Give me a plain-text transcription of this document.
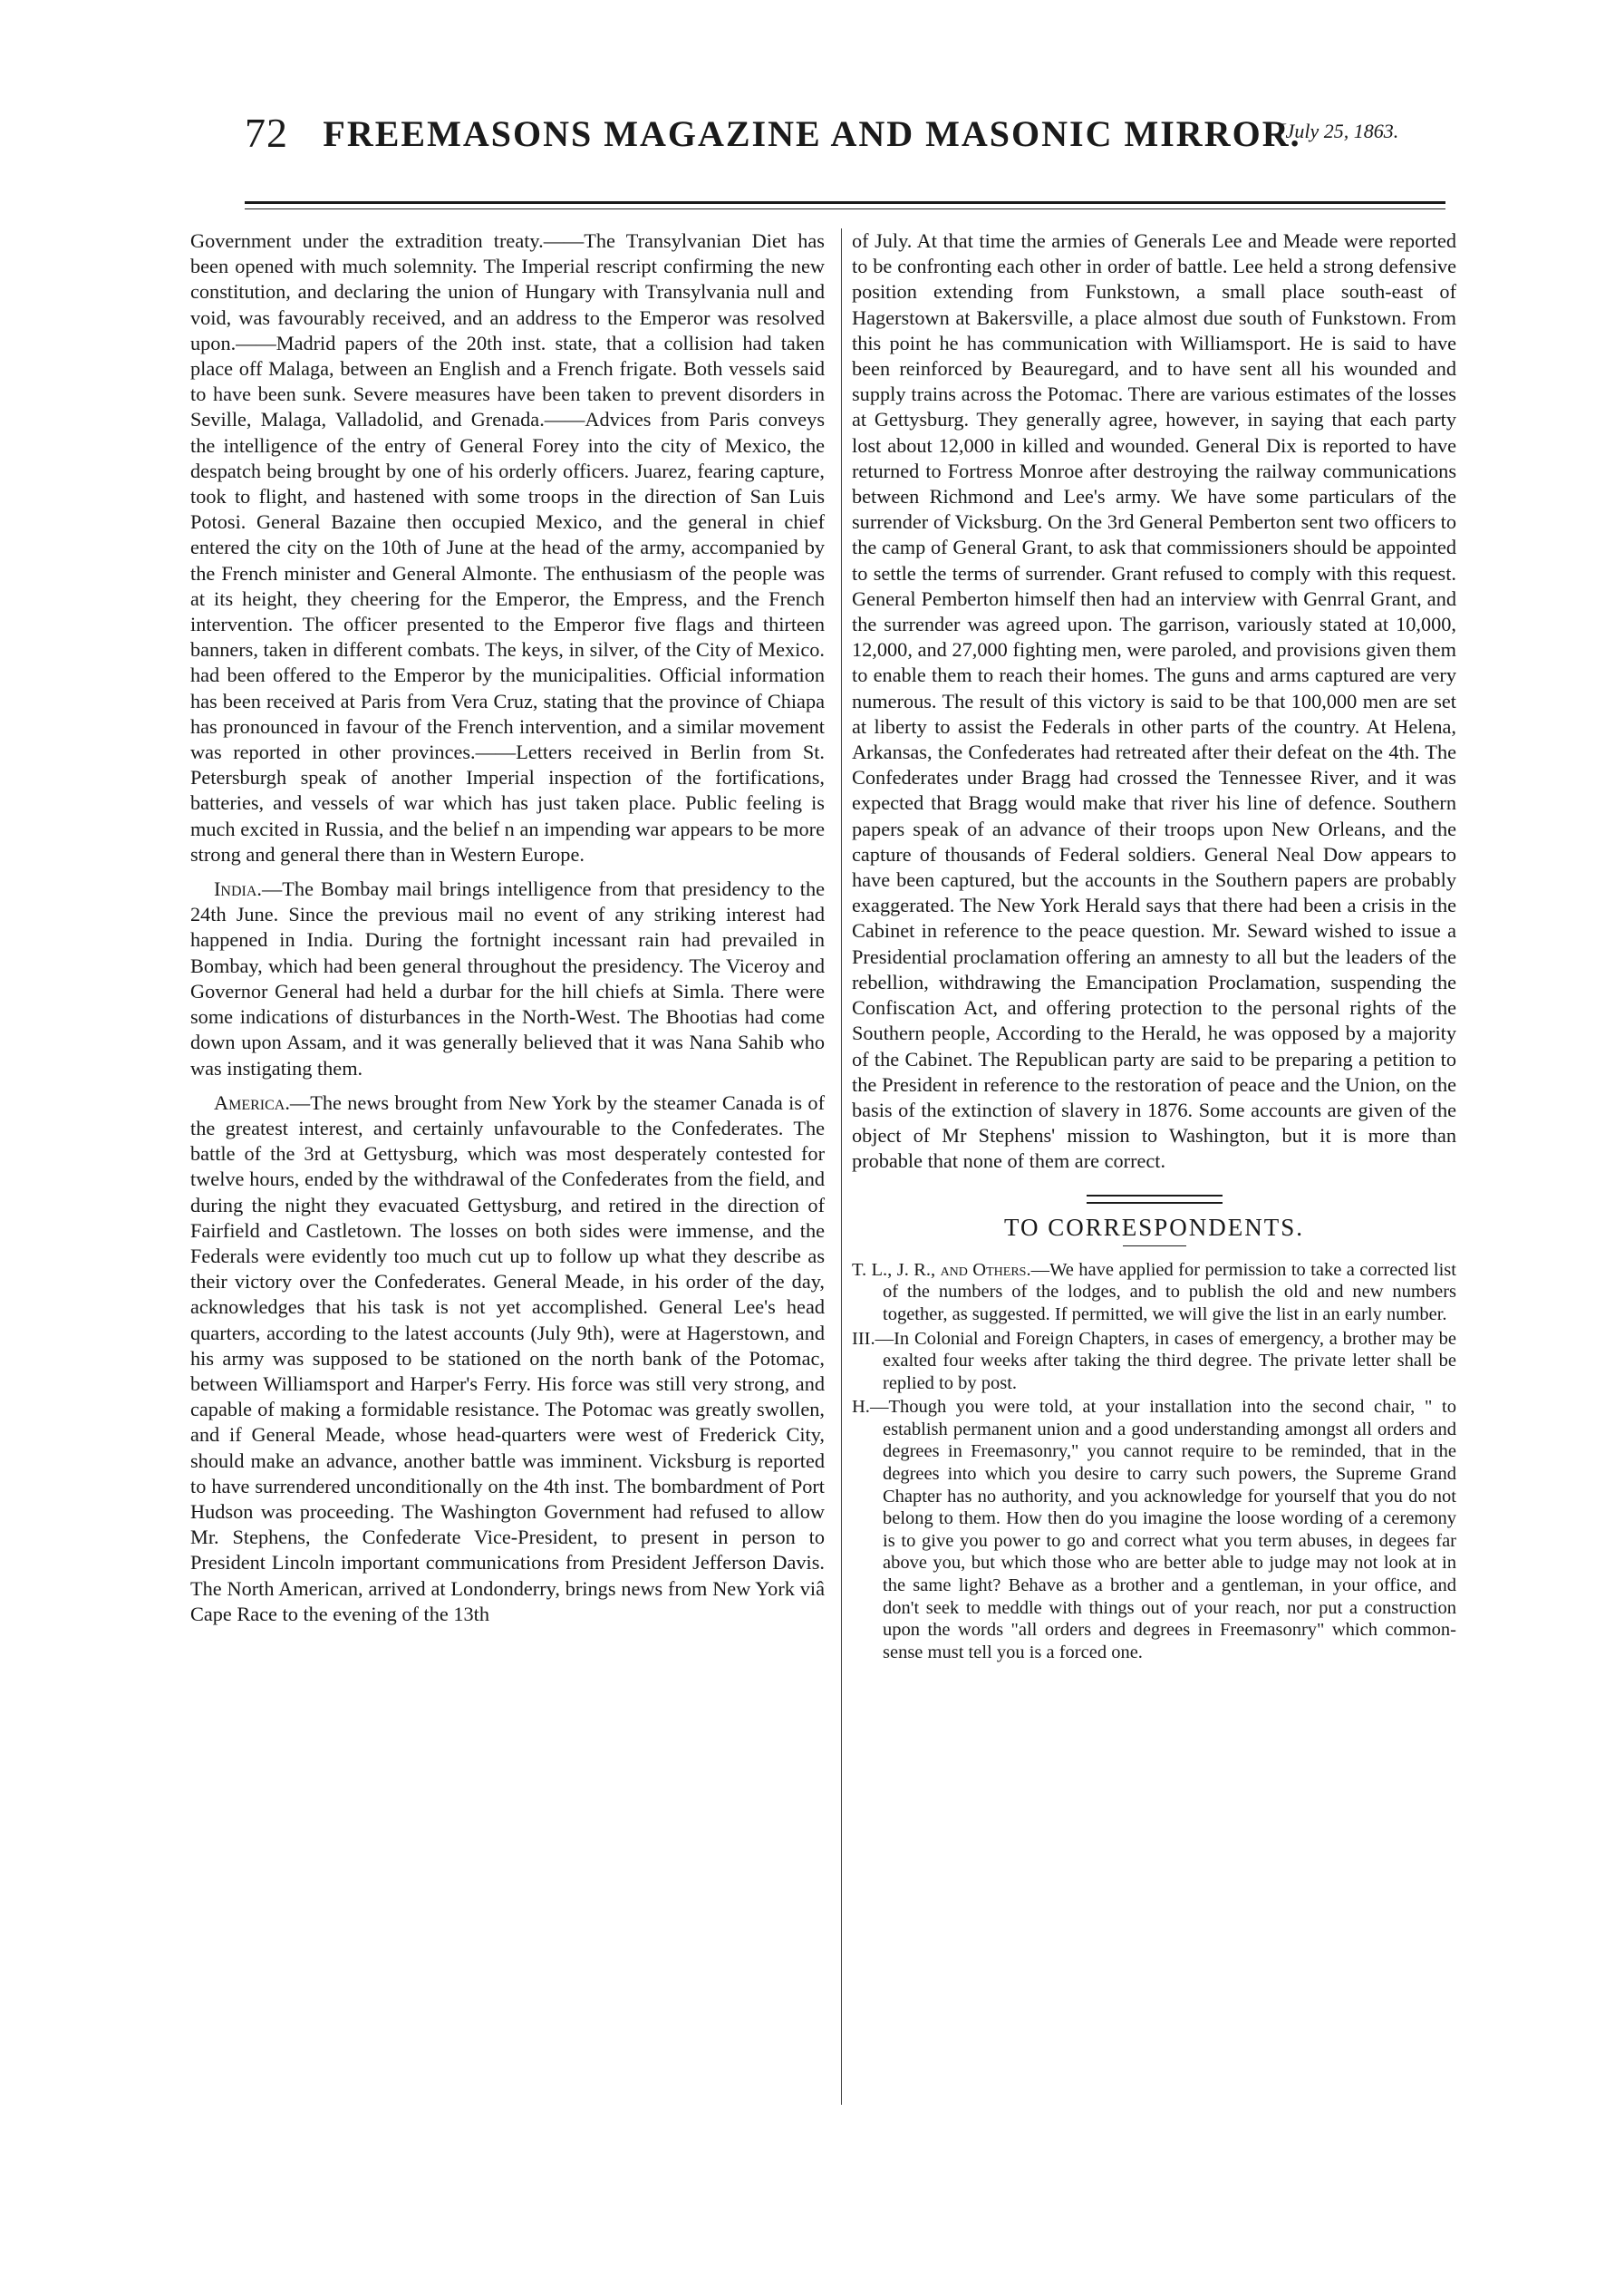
72 FREEMASONS MAGAZINE AND MASONIC MIRROR.
[July 25, 1863.

Government under the extradition treaty.——The Transylvanian Diet has been opened with much solemnity. The Imperial rescript confirming the new constitution, and declaring the union of Hungary with Transylvania null and void, was favourably received, and an address to the Emperor was resolved upon.——Madrid papers of the 20th inst. state, that a collision had taken place off Malaga, between an English and a French frigate. Both vessels said to have been sunk. Severe measures have been taken to prevent disorders in Seville, Malaga, Valladolid, and Grenada.——Advices from Paris conveys the intelligence of the entry of General Forey into the city of Mexico, the despatch being brought by one of his orderly officers. Juarez, fearing capture, took to flight, and hastened with some troops in the direction of San Luis Potosi. General Bazaine then occupied Mexico, and the general in chief entered the city on the 10th of June at the head of the army, accompanied by the French minister and General Almonte. The enthusiasm of the people was at its height, they cheering for the Emperor, the Empress, and the French intervention. The officer presented to the Emperor five flags and thirteen banners, taken in different combats. The keys, in silver, of the City of Mexico. had been offered to the Emperor by the municipalities. Official information has been received at Paris from Vera Cruz, stating that the province of Chiapa has pronounced in favour of the French intervention, and a similar movement was reported in other provinces.——Letters received in Berlin from St. Petersburgh speak of another Imperial inspection of the fortifications, batteries, and vessels of war which has just taken place. Public feeling is much excited in Russia, and the belief n an impending war appears to be more strong and general there than in Western Europe.

India.—The Bombay mail brings intelligence from that presidency to the 24th June. Since the previous mail no event of any striking interest had happened in India. During the fortnight incessant rain had prevailed in Bombay, which had been general throughout the presidency. The Viceroy and Governor General had held a durbar for the hill chiefs at Simla. There were some indications of disturbances in the North-West. The Bhootias had come down upon Assam, and it was generally believed that it was Nana Sahib who was instigating them.

America.—The news brought from New York by the steamer Canada is of the greatest interest, and certainly unfavourable to the Confederates. The battle of the 3rd at Gettysburg, which was most desperately contested for twelve hours, ended by the withdrawal of the Confederates from the field, and during the night they evacuated Gettysburg, and retired in the direction of Fairfield and Castletown. The losses on both sides were immense, and the Federals were evidently too much cut up to follow up what they describe as their victory over the Confederates. General Meade, in his order of the day, acknowledges that his task is not yet accomplished. General Lee's head quarters, according to the latest accounts (July 9th), were at Hagerstown, and his army was supposed to be stationed on the north bank of the Potomac, between Williamsport and Harper's Ferry. His force was still very strong, and capable of making a formidable resistance. The Potomac was greatly swollen, and if General Meade, whose head-quarters were west of Frederick City, should make an advance, another battle was imminent. Vicksburg is reported to have surrendered unconditionally on the 4th inst. The bombardment of Port Hudson was proceeding. The Washington Government had refused to allow Mr. Stephens, the Confederate Vice-President, to present in person to President Lincoln important communications from President Jefferson Davis. The North American, arrived at Londonderry, brings news from New York viâ Cape Race to the evening of the 13th

of July. At that time the armies of Generals Lee and Meade were reported to be confronting each other in order of battle. Lee held a strong defensive position extending from Funkstown, a small place south-east of Hagerstown at Bakersville, a place almost due south of Funkstown. From this point he has communication with Williamsport. He is said to have been reinforced by Beauregard, and to have sent all his wounded and supply trains across the Potomac. There are various estimates of the losses at Gettysburg. They generally agree, however, in saying that each party lost about 12,000 in killed and wounded. General Dix is reported to have returned to Fortress Monroe after destroying the railway communications between Richmond and Lee's army. We have some particulars of the surrender of Vicksburg. On the 3rd General Pemberton sent two officers to the camp of General Grant, to ask that commissioners should be appointed to settle the terms of surrender. Grant refused to comply with this request. General Pemberton himself then had an interview with Genrral Grant, and the surrender was agreed upon. The garrison, variously stated at 10,000, 12,000, and 27,000 fighting men, were paroled, and provisions given them to enable them to reach their homes. The guns and arms captured are very numerous. The result of this victory is said to be that 100,000 men are set at liberty to assist the Federals in other parts of the country. At Helena, Arkansas, the Confederates had retreated after their defeat on the 4th. The Confederates under Bragg had crossed the Tennessee River, and it was expected that Bragg would make that river his line of defence. Southern papers speak of an advance of their troops upon New Orleans, and the capture of thousands of Federal soldiers. General Neal Dow appears to have been captured, but the accounts in the Southern papers are probably exaggerated. The New York Herald says that there had been a crisis in the Cabinet in reference to the peace question. Mr. Seward wished to issue a Presidential proclamation offering an amnesty to all but the leaders of the rebellion, withdrawing the Emancipation Proclamation, suspending the Confiscation Act, and offering protection to the personal rights of the Southern people, According to the Herald, he was opposed by a majority of the Cabinet. The Republican party are said to be preparing a petition to the President in reference to the restoration of peace and the Union, on the basis of the extinction of slavery in 1876. Some accounts are given of the object of Mr Stephens' mission to Washington, but it is more than probable that none of them are correct.

TO CORRESPONDENTS.
T. L., J. R., and Others.—We have applied for permission to take a corrected list of the numbers of the lodges, and to publish the old and new numbers together, as suggested. If permitted, we will give the list in an early number.
III.—In Colonial and Foreign Chapters, in cases of emergency, a brother may be exalted four weeks after taking the third degree. The private letter shall be replied to by post.
H.—Though you were told, at your installation into the second chair, " to establish permanent union and a good understanding amongst all orders and degrees in Freemasonry," you cannot require to be reminded, that in the degrees into which you desire to carry such powers, the Supreme Grand Chapter has no authority, and you acknowledge for yourself that you do not belong to them. How then do you imagine the loose wording of a ceremony is to give you power to go and correct what you term abuses, in degees far above you, but which those who are better able to judge may not look at in the same light? Behave as a brother and a gentleman, in your office, and don't seek to meddle with things out of your reach, nor put a construction upon the words "all orders and degrees in Freemasonry" which common-sense must tell you is a forced one.
